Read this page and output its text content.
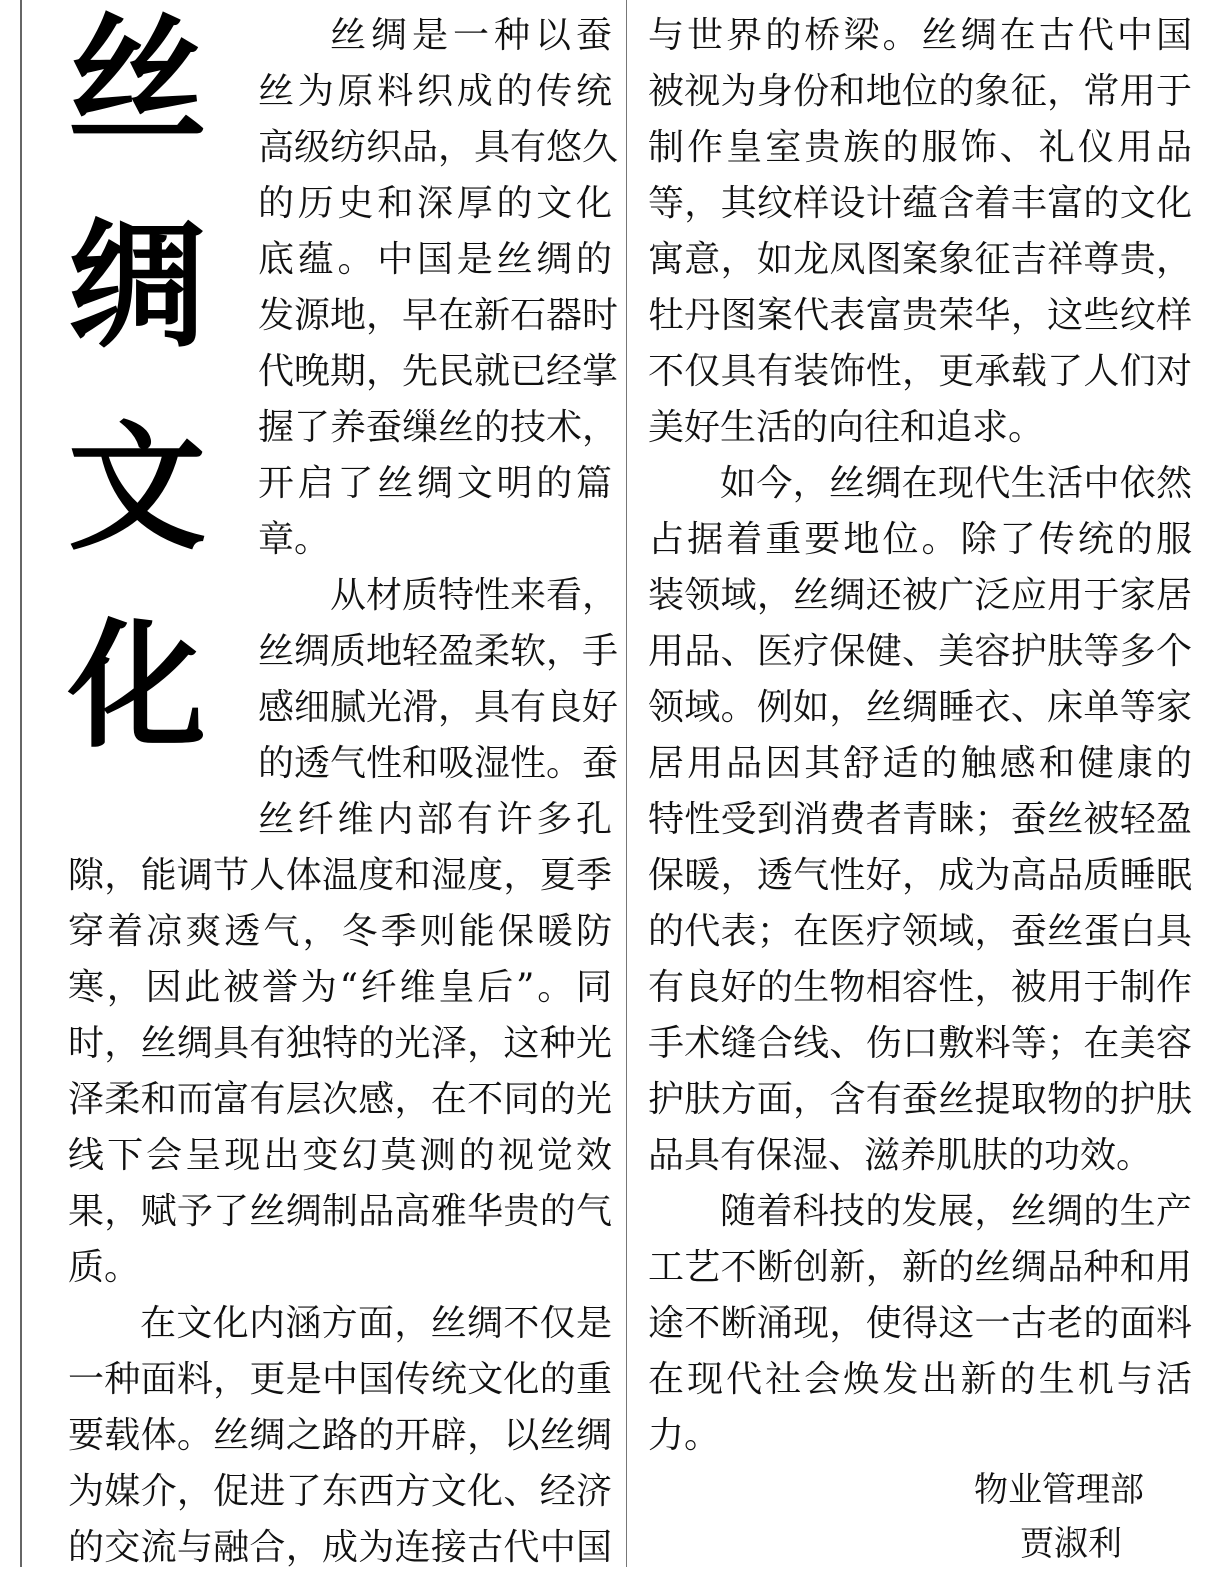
丝
绸
文
化
丝绸是一种以蚕
丝为原料织成的传统
高级纺织品，具有悠久
的历史和深厚的文化
底蕴。中国是丝绸的
发源地，早在新石器时
代晚期，先民就已经掌
握了养蚕缫丝的技术，
开启了丝绸文明的篇
章。
从材质特性来看，
丝绸质地轻盈柔软，手
感细腻光滑，具有良好
的透气性和吸湿性。蚕
丝纤维内部有许多孔
隙，能调节人体温度和湿度，夏季
穿着凉爽透气，冬季则能保暖防
寒，因此被誉为“纤维皇后”。同
时，丝绸具有独特的光泽，这种光
泽柔和而富有层次感，在不同的光
线下会呈现出变幻莫测的视觉效
果，赋予了丝绸制品高雅华贵的气
质。
在文化内涵方面，丝绸不仅是
一种面料，更是中国传统文化的重
要载体。丝绸之路的开辟，以丝绸
为媒介，促进了东西方文化、经济
的交流与融合，成为连接古代中国
与世界的桥梁。丝绸在古代中国
被视为身份和地位的象征，常用于
制作皇室贵族的服饰、礼仪用品
等，其纹样设计蕴含着丰富的文化
寓意，如龙凤图案象征吉祥尊贵，
牡丹图案代表富贵荣华，这些纹样
不仅具有装饰性，更承载了人们对
美好生活的向往和追求。
如今，丝绸在现代生活中依然
占据着重要地位。除了传统的服
装领域，丝绸还被广泛应用于家居
用品、医疗保健、美容护肤等多个
领域。例如，丝绸睡衣、床单等家
居用品因其舒适的触感和健康的
特性受到消费者青睐；蚕丝被轻盈
保暖，透气性好，成为高品质睡眠
的代表；在医疗领域，蚕丝蛋白具
有良好的生物相容性，被用于制作
手术缝合线、伤口敷料等；在美容
护肤方面，含有蚕丝提取物的护肤
品具有保湿、滋养肌肤的功效。
随着科技的发展，丝绸的生产
工艺不断创新，新的丝绸品种和用
途不断涌现，使得这一古老的面料
在现代社会焕发出新的生机与活
力。
物业管理部
贾淑利
